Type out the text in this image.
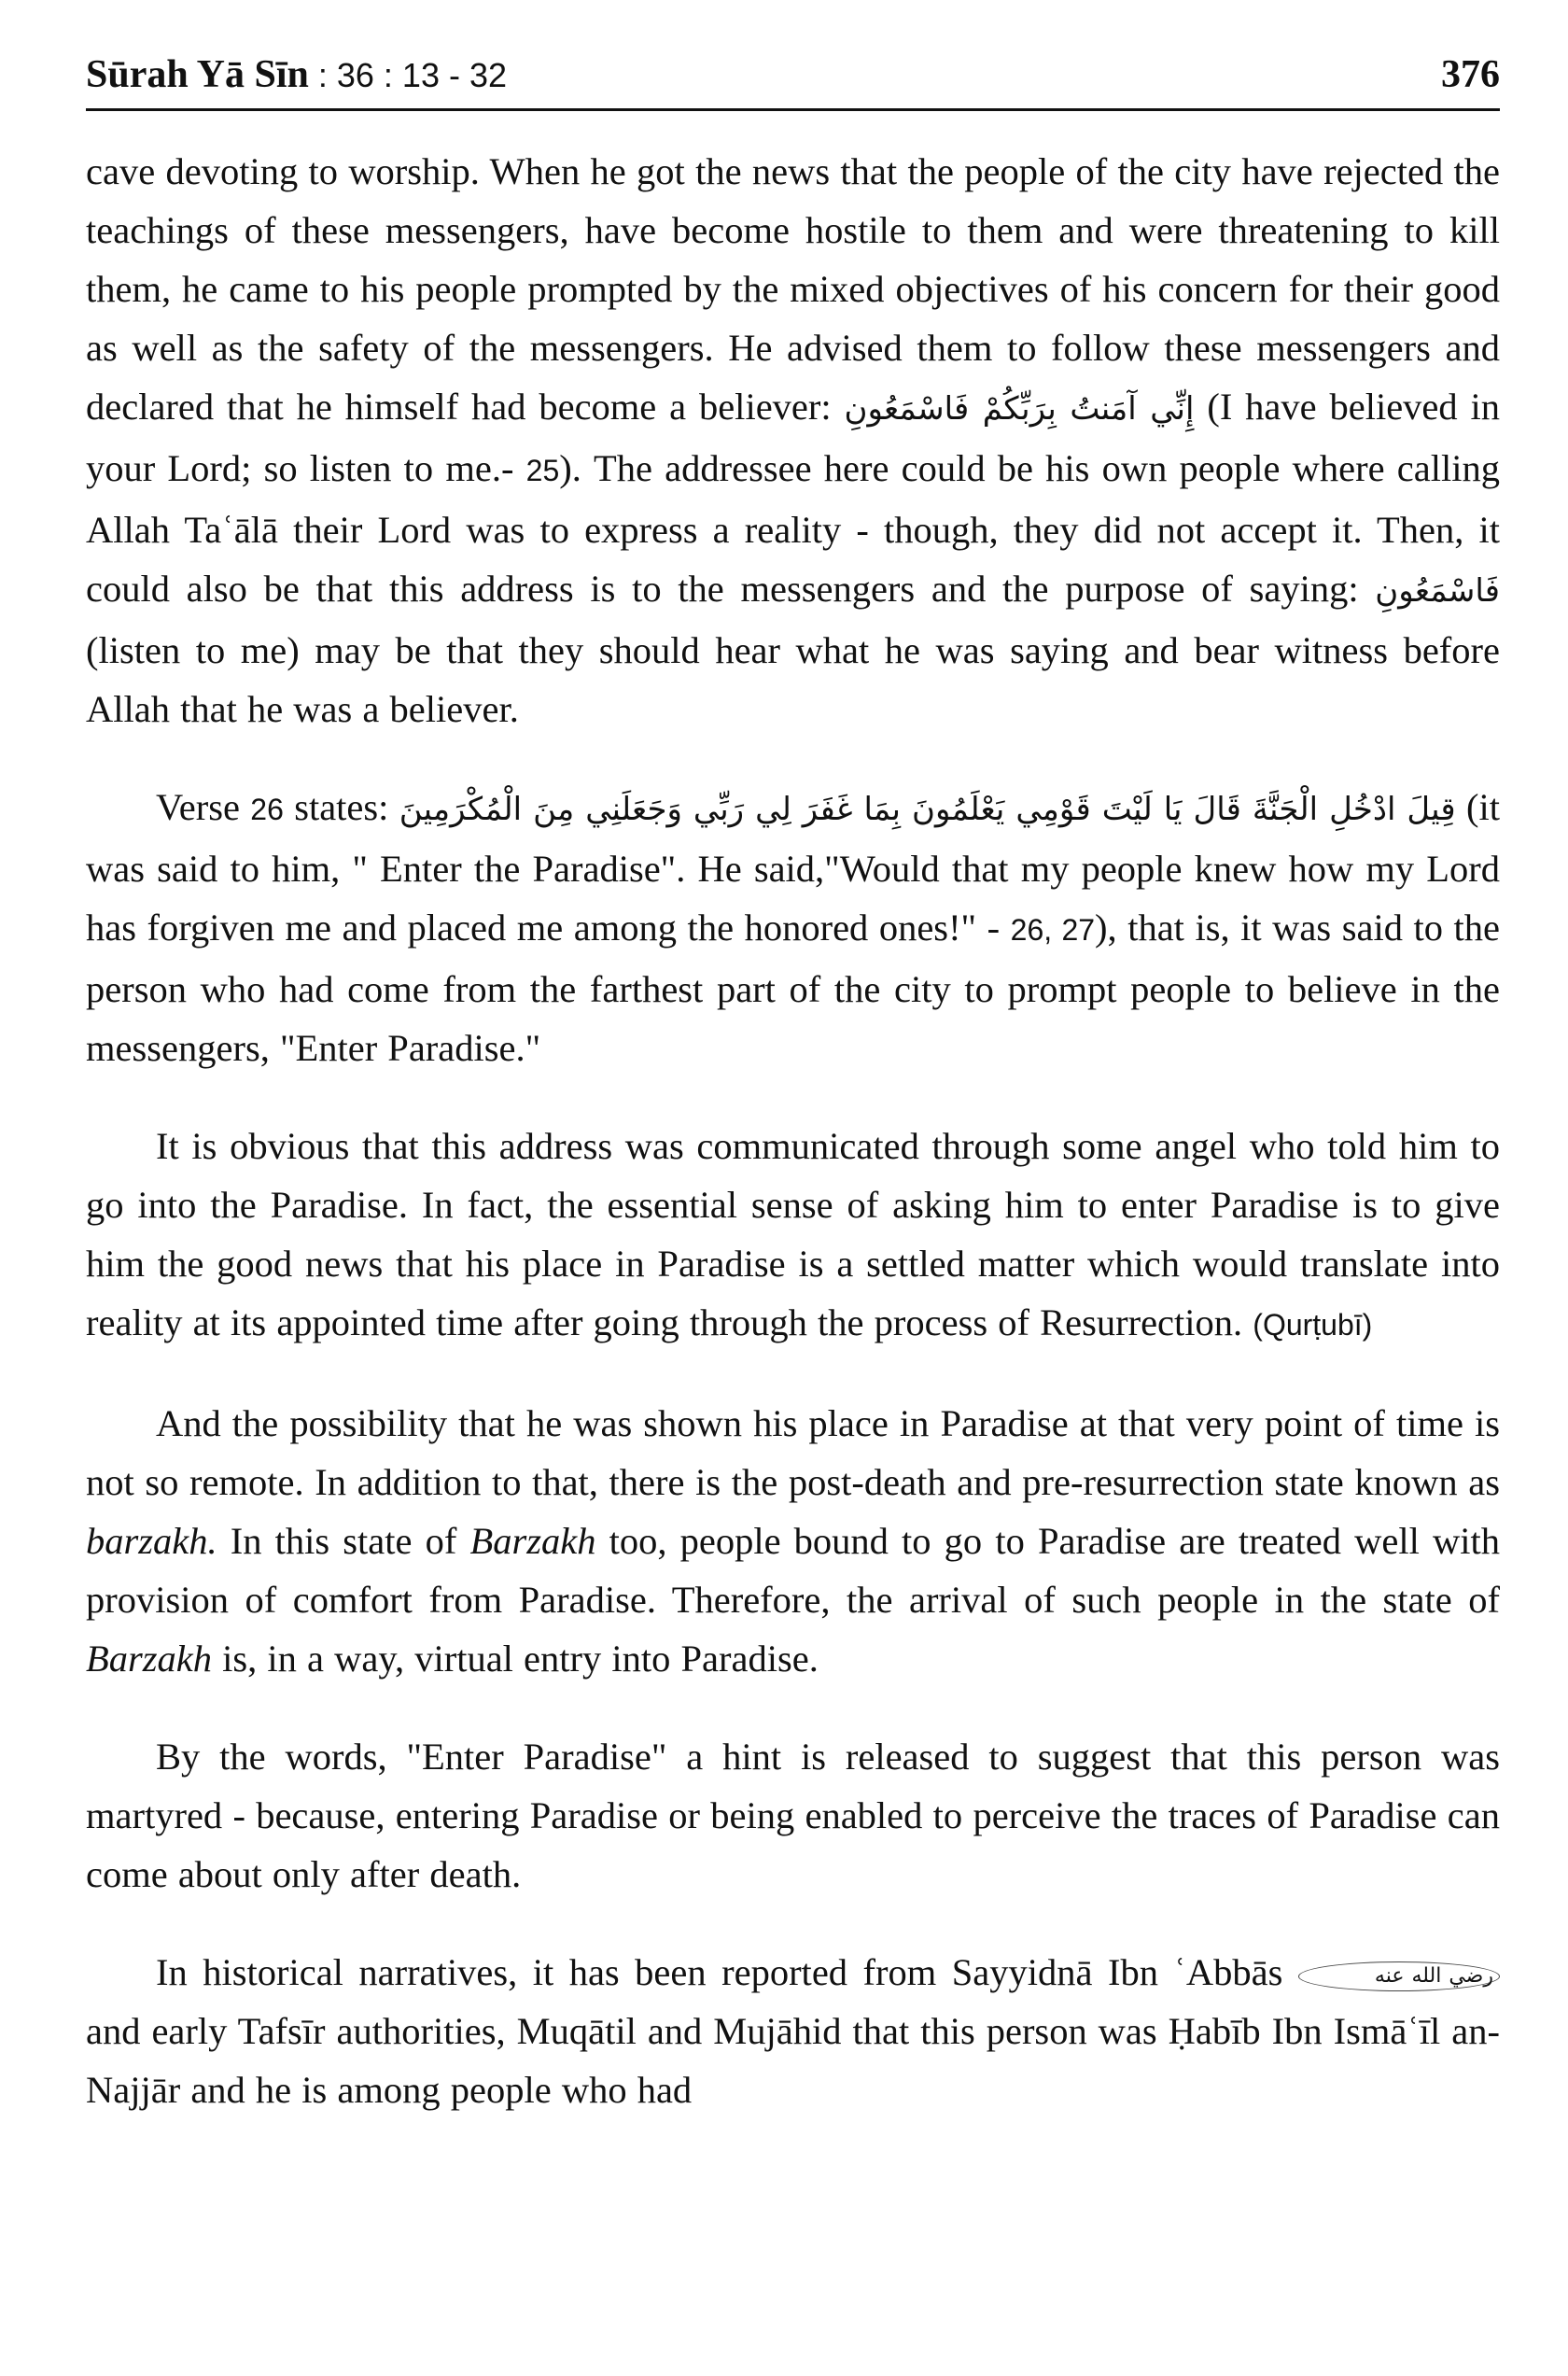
Sūrah Yā Sīn : 36 : 13 - 32	376

cave devoting to worship. When he got the news that the people of the city have rejected the teachings of these messengers, have become hostile to them and were threatening to kill them, he came to his people prompted by the mixed objectives of his concern for their good as well as the safety of the messengers. He advised them to follow these messengers and declared that he himself had become a believer: إِنِّي آمَنتُ بِرَبِّكُمْ فَاسْمَعُونِ (I have believed in your Lord; so listen to me.- 25). The addressee here could be his own people where calling Allah Taʿālā their Lord was to express a reality - though, they did not accept it. Then, it could also be that this address is to the messengers and the purpose of saying: فَاسْمَعُونِ (listen to me) may be that they should hear what he was saying and bear witness before Allah that he was a believer.

Verse 26 states: قِيلَ ادْخُلِ الْجَنَّةَ قَالَ يَا لَيْتَ قَوْمِي يَعْلَمُونَ بِمَا غَفَرَ لِي رَبِّي وَجَعَلَنِي مِنَ الْمُكْرَمِينَ (it was said to him, " Enter the Paradise". He said,"Would that my people knew how my Lord has forgiven me and placed me among the honored ones!" - 26, 27), that is, it was said to the person who had come from the farthest part of the city to prompt people to believe in the messengers, "Enter Paradise."

It is obvious that this address was communicated through some angel who told him to go into the Paradise. In fact, the essential sense of asking him to enter Paradise is to give him the good news that his place in Paradise is a settled matter which would translate into reality at its appointed time after going through the process of Resurrection. (Qurṭubī)

And the possibility that he was shown his place in Paradise at that very point of time is not so remote. In addition to that, there is the post-death and pre-resurrection state known as barzakh. In this state of Barzakh too, people bound to go to Paradise are treated well with provision of comfort from Paradise. Therefore, the arrival of such people in the state of Barzakh is, in a way, virtual entry into Paradise.

By the words, "Enter Paradise" a hint is released to suggest that this person was martyred - because, entering Paradise or being enabled to perceive the traces of Paradise can come about only after death.

In historical narratives, it has been reported from Sayyidnā Ibn ʿAbbās	رضي الله عنه and early Tafsīr authorities, Muqātil and Mujāhid that this person was Ḥabīb Ibn Ismāʿīl an-Najjār and he is among people who had
